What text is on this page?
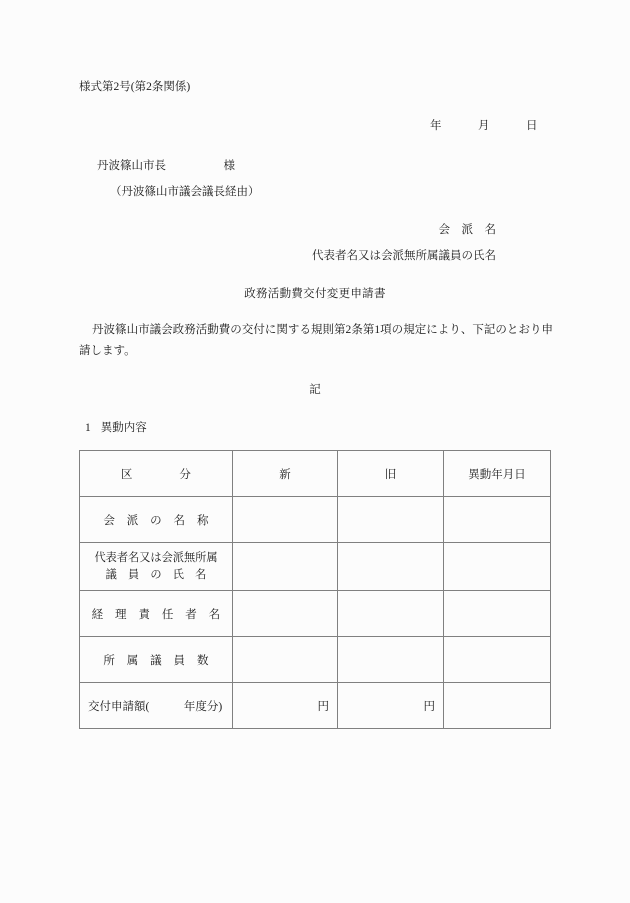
様式第2号(第2条関係)
年　　　月　　　日
丹波篠山市長　　　　　様
（丹波篠山市議会議長経由）
会　派　名
代表者名又は会派無所属議員の氏名
政務活動費交付変更申請書
丹波篠山市議会政務活動費の交付に関する規則第2条第1項の規定により、下記のとおり申請します。
記
1 異動内容
区　　　　分	新	旧	異動年月日

会　派　の　名　称			

代表者名又は会派無所属
議　員　の　氏　名			

経　理　責　任　者　名			

所　属　議　員　数			

交付申請額(　　　年度分)	円	円	
